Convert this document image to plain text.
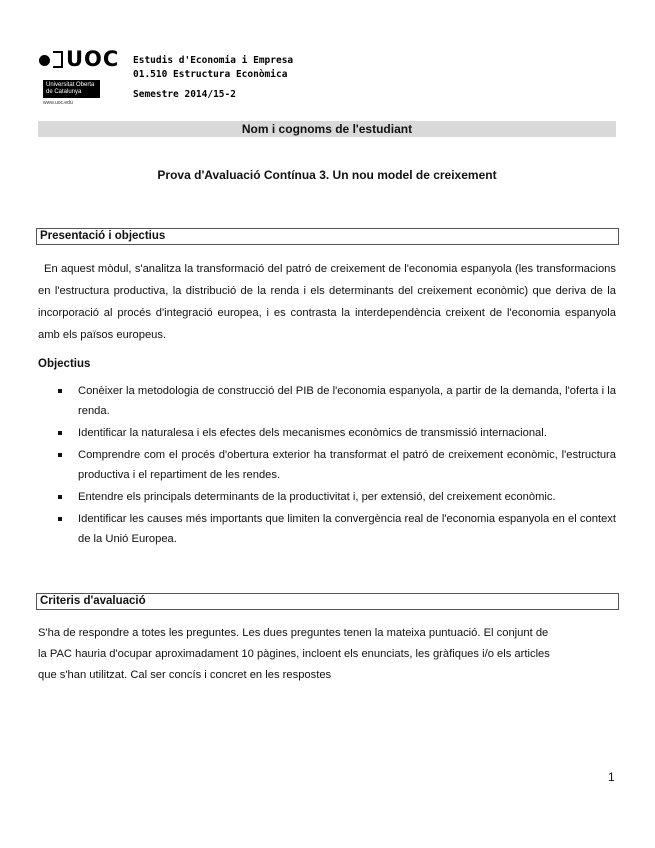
UOC
Universitat Oberta
de Catalunya
www.uoc.edu
Estudis d'Economia i Empresa
01.510 Estructura Econòmica
Semestre 2014/15-2
Nom i cognoms de l'estudiant
Prova d'Avaluació Contínua 3. Un nou model de creixement
Presentació i objectius
En aquest mòdul, s'analitza la transformació del patró de creixement de l'economia espanyola (les transformacions en l'estructura productiva, la distribució de la renda i els determinants del creixement econòmic) que deriva de la incorporació al procés d'integració europea, i es contrasta la interdependència creixent de l'economia espanyola amb els països europeus.
Objectius
Conèixer la metodologia de construcció del PIB de l'economia espanyola, a partir de la demanda, l'oferta i la renda.
Identificar la naturalesa i els efectes dels mecanismes econòmics de transmissió internacional.
Comprendre com el procés d'obertura exterior ha transformat el patró de creixement econòmic, l'estructura productiva i el repartiment de les rendes.
Entendre els principals determinants de la productivitat i, per extensió, del creixement econòmic.
Identificar les causes més importants que limiten la convergència real de l'economia espanyola en el context de la Unió Europea.
Criteris d'avaluació
S'ha de respondre a totes les preguntes. Les dues preguntes tenen la mateixa puntuació. El conjunt de
la PAC hauria d'ocupar aproximadament 10 pàgines, incloent els enunciats, les gràfiques i/o els articles
que s'han utilitzat. Cal ser concís i concret en les respostes
1
